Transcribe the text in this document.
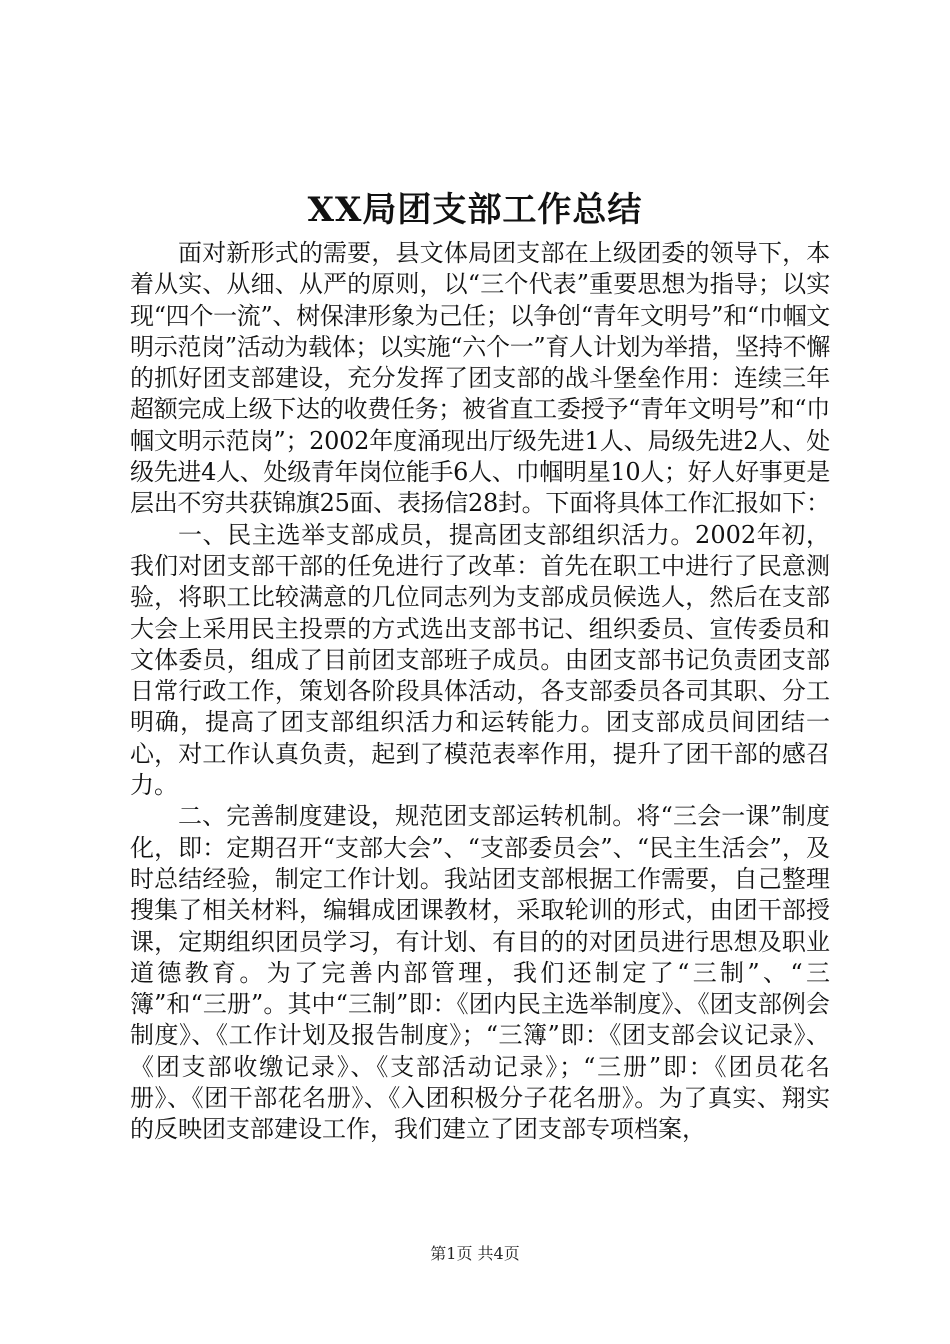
XX局团支部工作总结

面对新形式的需要，县文体局团支部在上级团委的领导下，本着从实、从细、从严的原则，以“三个代表”重要思想为指导；以实现“四个一流”、树保津形象为己任；以争创“青年文明号”和“巾帼文明示范岗”活动为载体；以实施“六个一”育人计划为举措，坚持不懈的抓好团支部建设，充分发挥了团支部的战斗堡垒作用：连续三年超额完成上级下达的收费任务；被省直工委授予“青年文明号”和“巾帼文明示范岗”；2002年度涌现出厅级先进1人、局级先进2人、处级先进4人、处级青年岗位能手6人、巾帼明星10人；好人好事更是层出不穷共获锦旗25面、表扬信28封。下面将具体工作汇报如下：

一、民主选举支部成员，提高团支部组织活力。2002年初，我们对团支部干部的任免进行了改革：首先在职工中进行了民意测验，将职工比较满意的几位同志列为支部成员候选人，然后在支部大会上采用民主投票的方式选出支部书记、组织委员、宣传委员和文体委员，组成了目前团支部班子成员。由团支部书记负责团支部日常行政工作，策划各阶段具体活动，各支部委员各司其职、分工明确，提高了团支部组织活力和运转能力。团支部成员间团结一心，对工作认真负责，起到了模范表率作用，提升了团干部的感召力。

二、完善制度建设，规范团支部运转机制。将“三会一课”制度化，即：定期召开“支部大会”、“支部委员会”、“民主生活会”，及时总结经验，制定工作计划。我站团支部根据工作需要，自己整理搜集了相关材料，编辑成团课教材，采取轮训的形式，由团干部授课，定期组织团员学习，有计划、有目的的对团员进行思想及职业道德教育。为了完善内部管理，我们还制定了“三制”、“三簿”和“三册”。其中“三制”即：《团内民主选举制度》、《团支部例会制度》、《工作计划及报告制度》；“三簿”即：《团支部会议记录》、《团支部收缴记录》、《支部活动记录》；“三册”即：《团员花名册》、《团干部花名册》、《入团积极分子花名册》。为了真实、翔实的反映团支部建设工作，我们建立了团支部专项档案，

第1页 共4页
